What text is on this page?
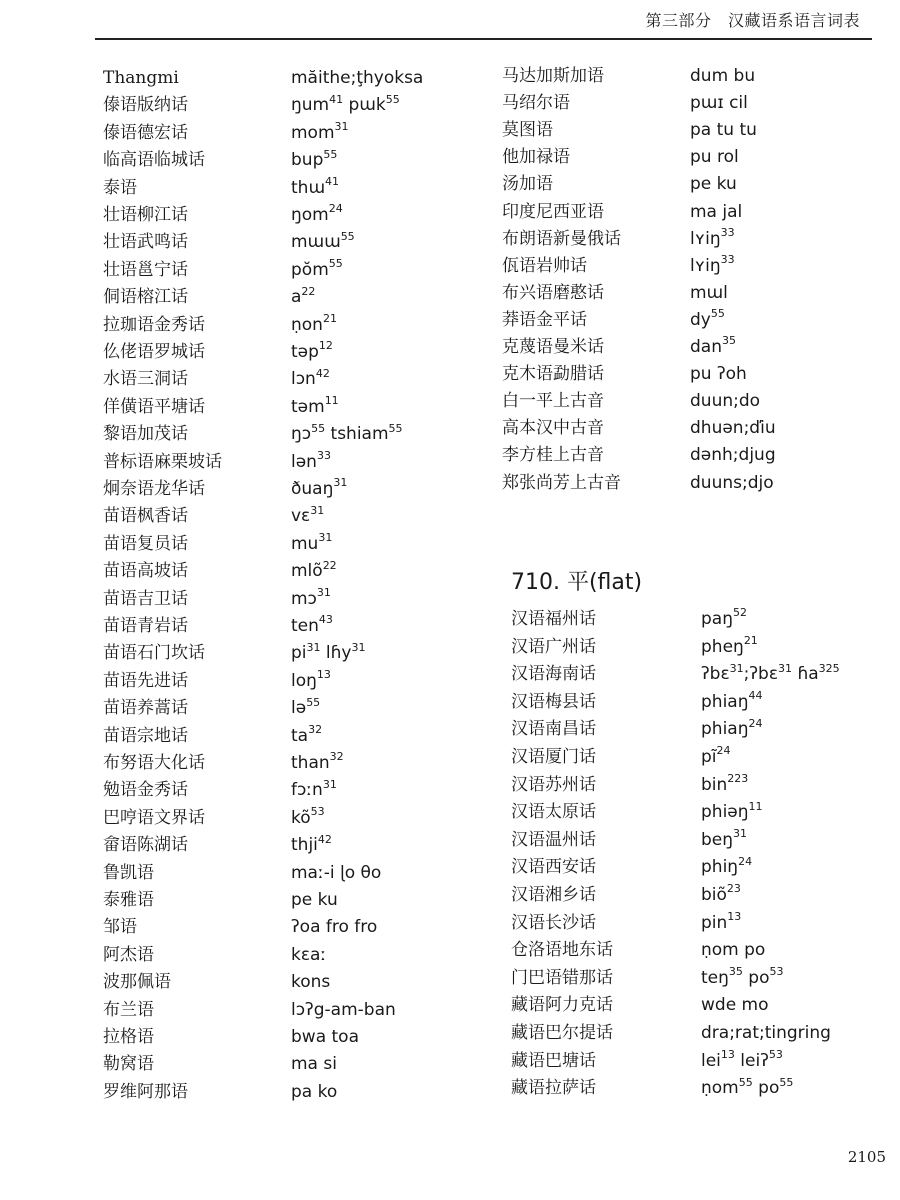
第三部分　汉藏语系语言词表
Thangmi	măithe;ţhyoksa
傣语版纳话	ŋum$^{41}$ pɯk$^{55}$
傣语德宏话	mom$^{31}$
临高语临城话	bup$^{55}$
泰语	thɯ$^{41}$
壮语柳江话	ŋom$^{24}$
壮语武鸣话	mɯɯ$^{55}$
壮语邕宁话	pŏm$^{55}$
侗语榕江话	$a^{22}$
拉珈语金秀话	ṇon$^{21}$
仫佬语罗城话	təp$^{12}$
水语三洞话	lɔn$^{42}$
佯僙语平塘话	təm$^{11}$
黎语加茂话	ŋɔ$^{55}$ tshiam$^{55}$
普标语麻栗坡话	lən$^{33}$
炯奈语龙华话	ðuaŋ$^{31}$
苗语枫香话	vɛ$^{31}$
苗语复员话	$mu^{31}$
苗语高坡话	mlõ$^{22}$
苗语吉卫话	mɔ$^{31}$
苗语青岩话	ten$^{43}$
苗语石门坎话	$pi^{31}$ lɦy$^{31}$
苗语先进话	loŋ$^{13}$
苗语养蒿话	lə$^{55}$
苗语宗地话	$ta^{32}$
布努语大化话	than$^{32}$
勉语金秀话	fɔːn$^{31}$
巴哼语文界话	$kõ^{53}$
畲语陈湖话	thji$^{42}$
鲁凯语	maː-i ɭo θo
泰雅语	pe ku
邹语	ʔoa fro fro
阿杰语	kɛaː
波那佩语	kons
布兰语	lɔʔg-am-ban
拉格语	bwa toa
勒窝语	ma si
罗维阿那语	pa ko
马达加斯加语	dum bu
马绍尔语	pɯɪ cil
莫图语	pa tu tu
他加禄语	pu rol
汤加语	pe ku
印度尼西亚语	ma jal
布朗语新曼俄话	lʏiŋ$^{33}$
佤语岩帅话	lʏiŋ$^{33}$
布兴语磨憨话	mɯl
莽语金平话	$dy^{55}$
克蔑语曼米话	dan$^{35}$
克木语勐腊话	pu ʔoh
白一平上古音	duun;do
高本汉中古音	dhuən;ďiu
李方桂上古音	dənh;djug
郑张尚芳上古音	duuns;djo
710. 平(flat)
汉语福州话	paŋ$^{52}$
汉语广州话	pheŋ$^{21}$
汉语海南话	ʔbɛ$^{31}$;ʔbɛ$^{31}$ ɦa$^{325}$
汉语梅县话	phiaŋ$^{44}$
汉语南昌话	phiaŋ$^{24}$
汉语厦门话	$pĩ^{24}$
汉语苏州话	bin$^{223}$
汉语太原话	phiəŋ$^{11}$
汉语温州话	beŋ$^{31}$
汉语西安话	phiŋ$^{24}$
汉语湘乡话	biõ$^{23}$
汉语长沙话	pin$^{13}$
仓洛语地东话	ṇom po
门巴语错那话	teŋ$^{35}$ $po^{53}$
藏语阿力克话	wde mo
藏语巴尔提话	dra;rat;tingring
藏语巴塘话	lei$^{13}$ leiʔ$^{53}$
藏语拉萨话	ṇom$^{55}$ $po^{55}$
2105
